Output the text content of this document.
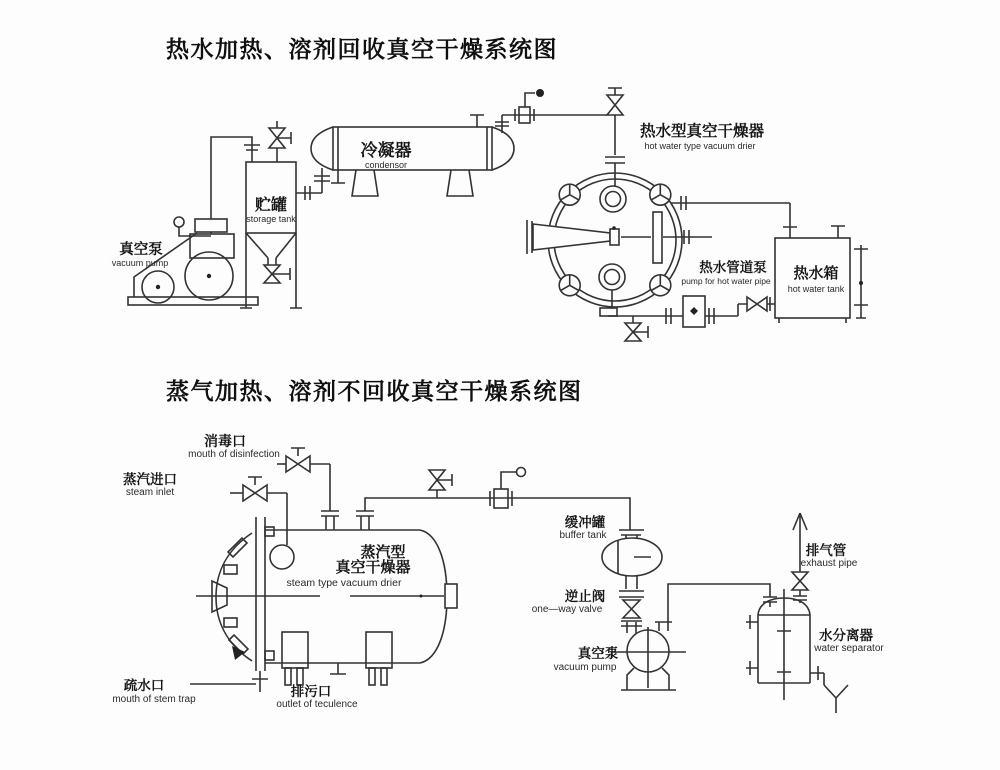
热水加热、溶剂回收真空干燥系统图
真空泵
vacuum pump
贮罐
storage tank
冷凝器
condensor
热水型真空干燥器
hot water type vacuum drier
热水管道泵
pump for hot water pipe 热水箱
hot water tank
蒸气加热、溶剂不回收真空干燥系统图
消毒口
mouth of disinfection
蒸汽进口
steam inlet
蒸汽型
真空干燥器
steam type vacuum drier
疏水口
mouth of stem trap
排污口
outlet of teculence
缓冲罐
buffer tank
逆止阀
one—way valve
真空泵
vacuum pump
排气管
exhaust pipe
水分离器
water separator
